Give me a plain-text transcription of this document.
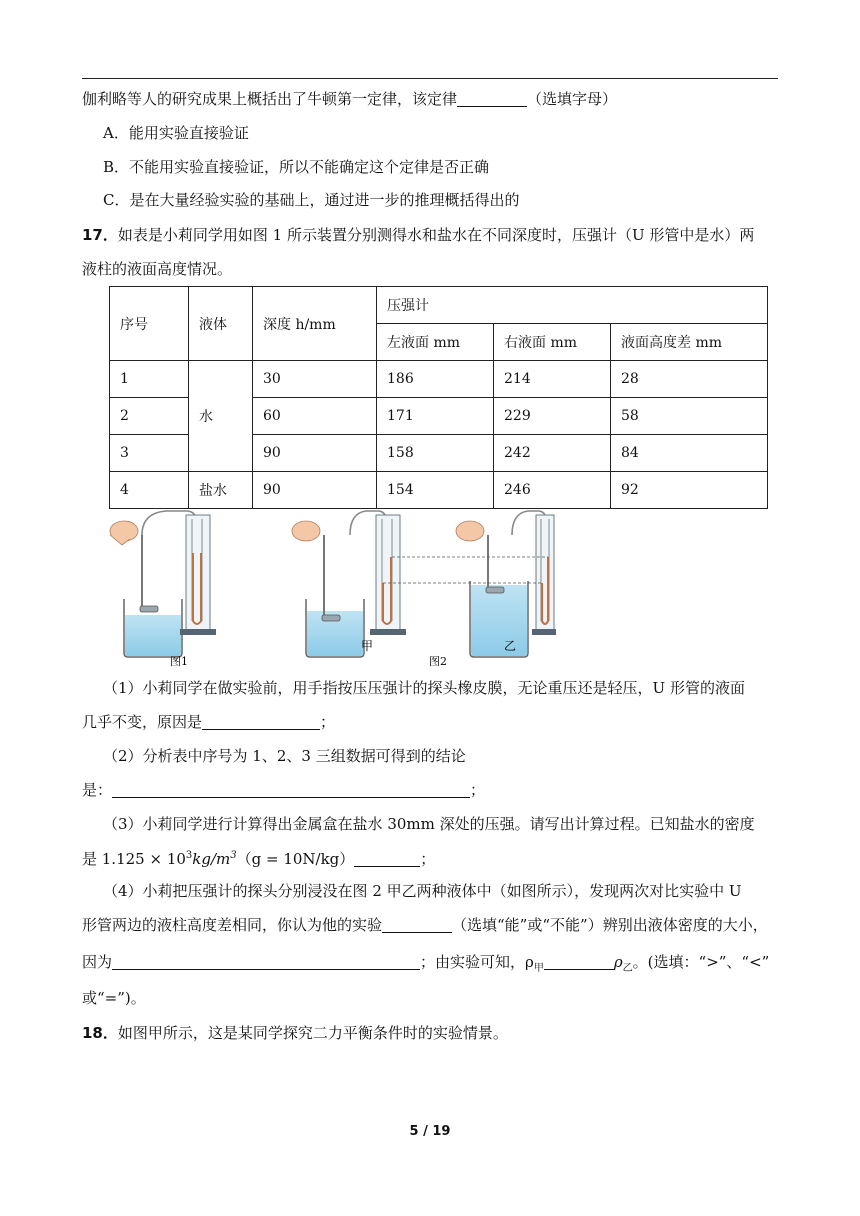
伽利略等人的研究成果上概括出了牛顿第一定律，该定律	（选填字母）
A．能用实验直接验证
B．不能用实验直接验证，所以不能确定这个定律是否正确
C．是在大量经验实验的基础上，通过进一步的推理概括得出的
17．如表是小莉同学用如图 1 所示装置分别测得水和盐水在不同深度时，压强计（U 形管中是水）两
液柱的液面高度情况。
序号	液体	深度 h/mm	压强计		
			左液面 mm	右液面 mm	液面高度差 mm
1	水	30	186	214	28
2		60	171	229	58
3		90	158	242	84
4	盐水	90	154	246	92
甲	乙
图1	图2
（1）小莉同学在做实验前，用手指按压压强计的探头橡皮膜，无论重压还是轻压，U 形管的液面
几乎不变，原因是	；
（2）分析表中序号为 1、2、3 三组数据可得到的结论
是：	；
（3）小莉同学进行计算得出金属盒在盐水 30mm 深处的压强。请写出计算过程。已知盐水的密度
是 $1.125 \times 10^3kg/m^3(g = 10N/kg)$	；
（4）小莉把压强计的探头分别浸没在图 2 甲乙两种液体中（如图所示），发现两次对比实验中 U
形管两边的液柱高度差相同，你认为他的实验	（选填“能”或“不能”）辨别出液体密度的大小，
因为	；由实验可知，$\rho_甲$	$\rho_乙$。(选填：“>”、“<”
或“=”)。
18．如图甲所示，这是某同学探究二力平衡条件时的实验情景。
5 / 19
